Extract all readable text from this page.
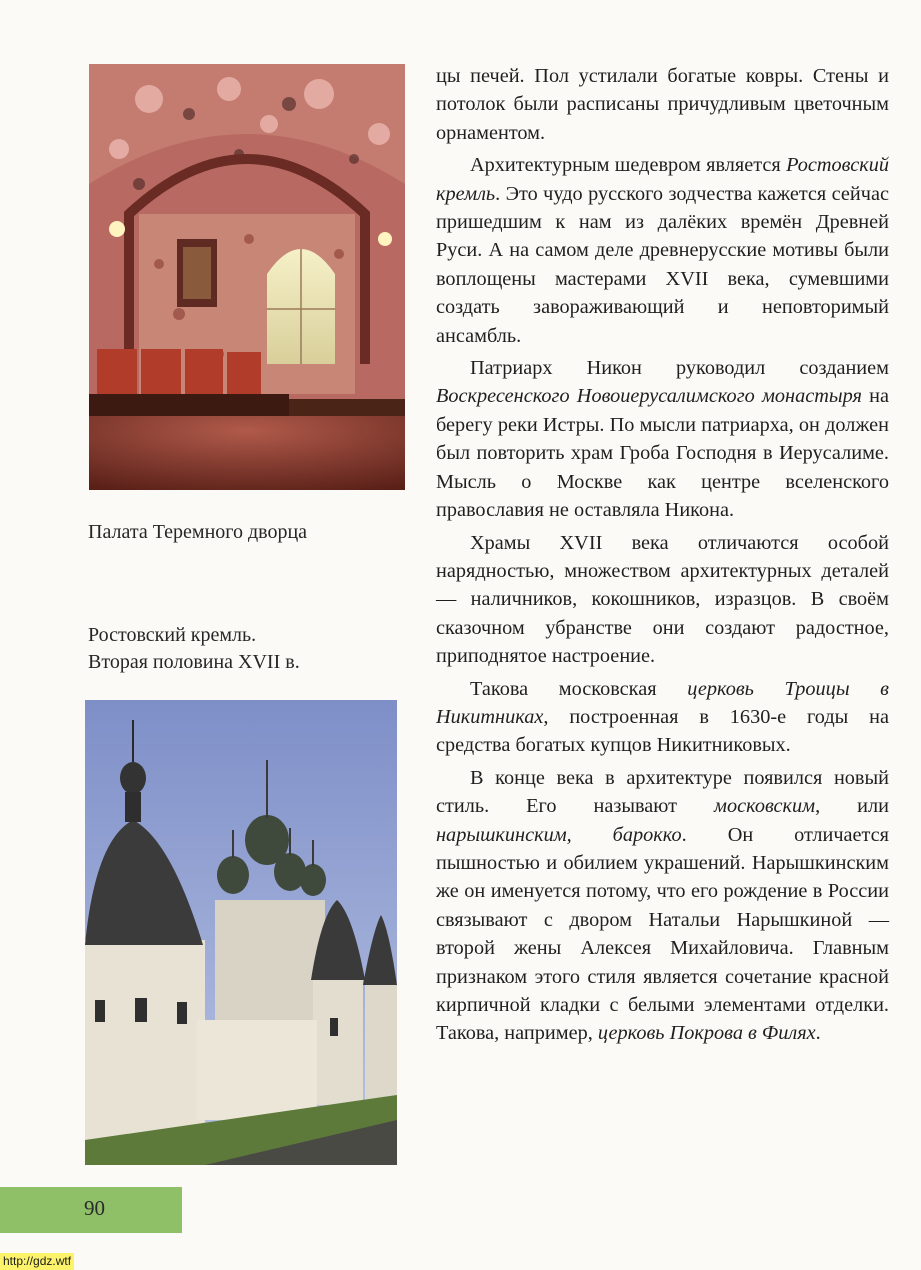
Палата Теремного дворца
Ростовский кремль.
Вторая половина XVII в.

цы печей. Пол устилали богатые ковры. Стены и потолок были расписаны причудливым цветочным орнаментом.

Архитектурным шедевром является Ростовский кремль. Это чудо русского зодчества кажется сейчас пришедшим к нам из далёких времён Древней Руси. А на самом деле древнерусские мотивы были воплощены мастерами XVII века, сумевшими создать завораживающий и неповторимый ансамбль.

Патриарх Никон руководил созданием Воскресенского Новоиерусалимского монастыря на берегу реки Истры. По мысли патриарха, он должен был повторить храм Гроба Господня в Иерусалиме. Мысль о Москве как центре вселенского православия не оставляла Никона.

Храмы XVII века отличаются особой нарядностью, множеством архитектурных деталей — наличников, кокошников, изразцов. В своём сказочном убранстве они создают радостное, приподнятое настроение.

Такова московская церковь Троицы в Никитниках, построенная в 1630-е годы на средства богатых купцов Никитниковых.

В конце века в архитектуре появился новый стиль. Его называют московским, или нарышкинским, барокко. Он отличается пышностью и обилием украшений. Нарышкинским же он именуется потому, что его рождение в России связывают с двором Натальи Нарышкиной — второй жены Алексея Михайловича. Главным признаком этого стиля является сочетание красной кирпичной кладки с белыми элементами отделки. Такова, например, церковь Покрова в Филях.

90
http://gdz.wtf
